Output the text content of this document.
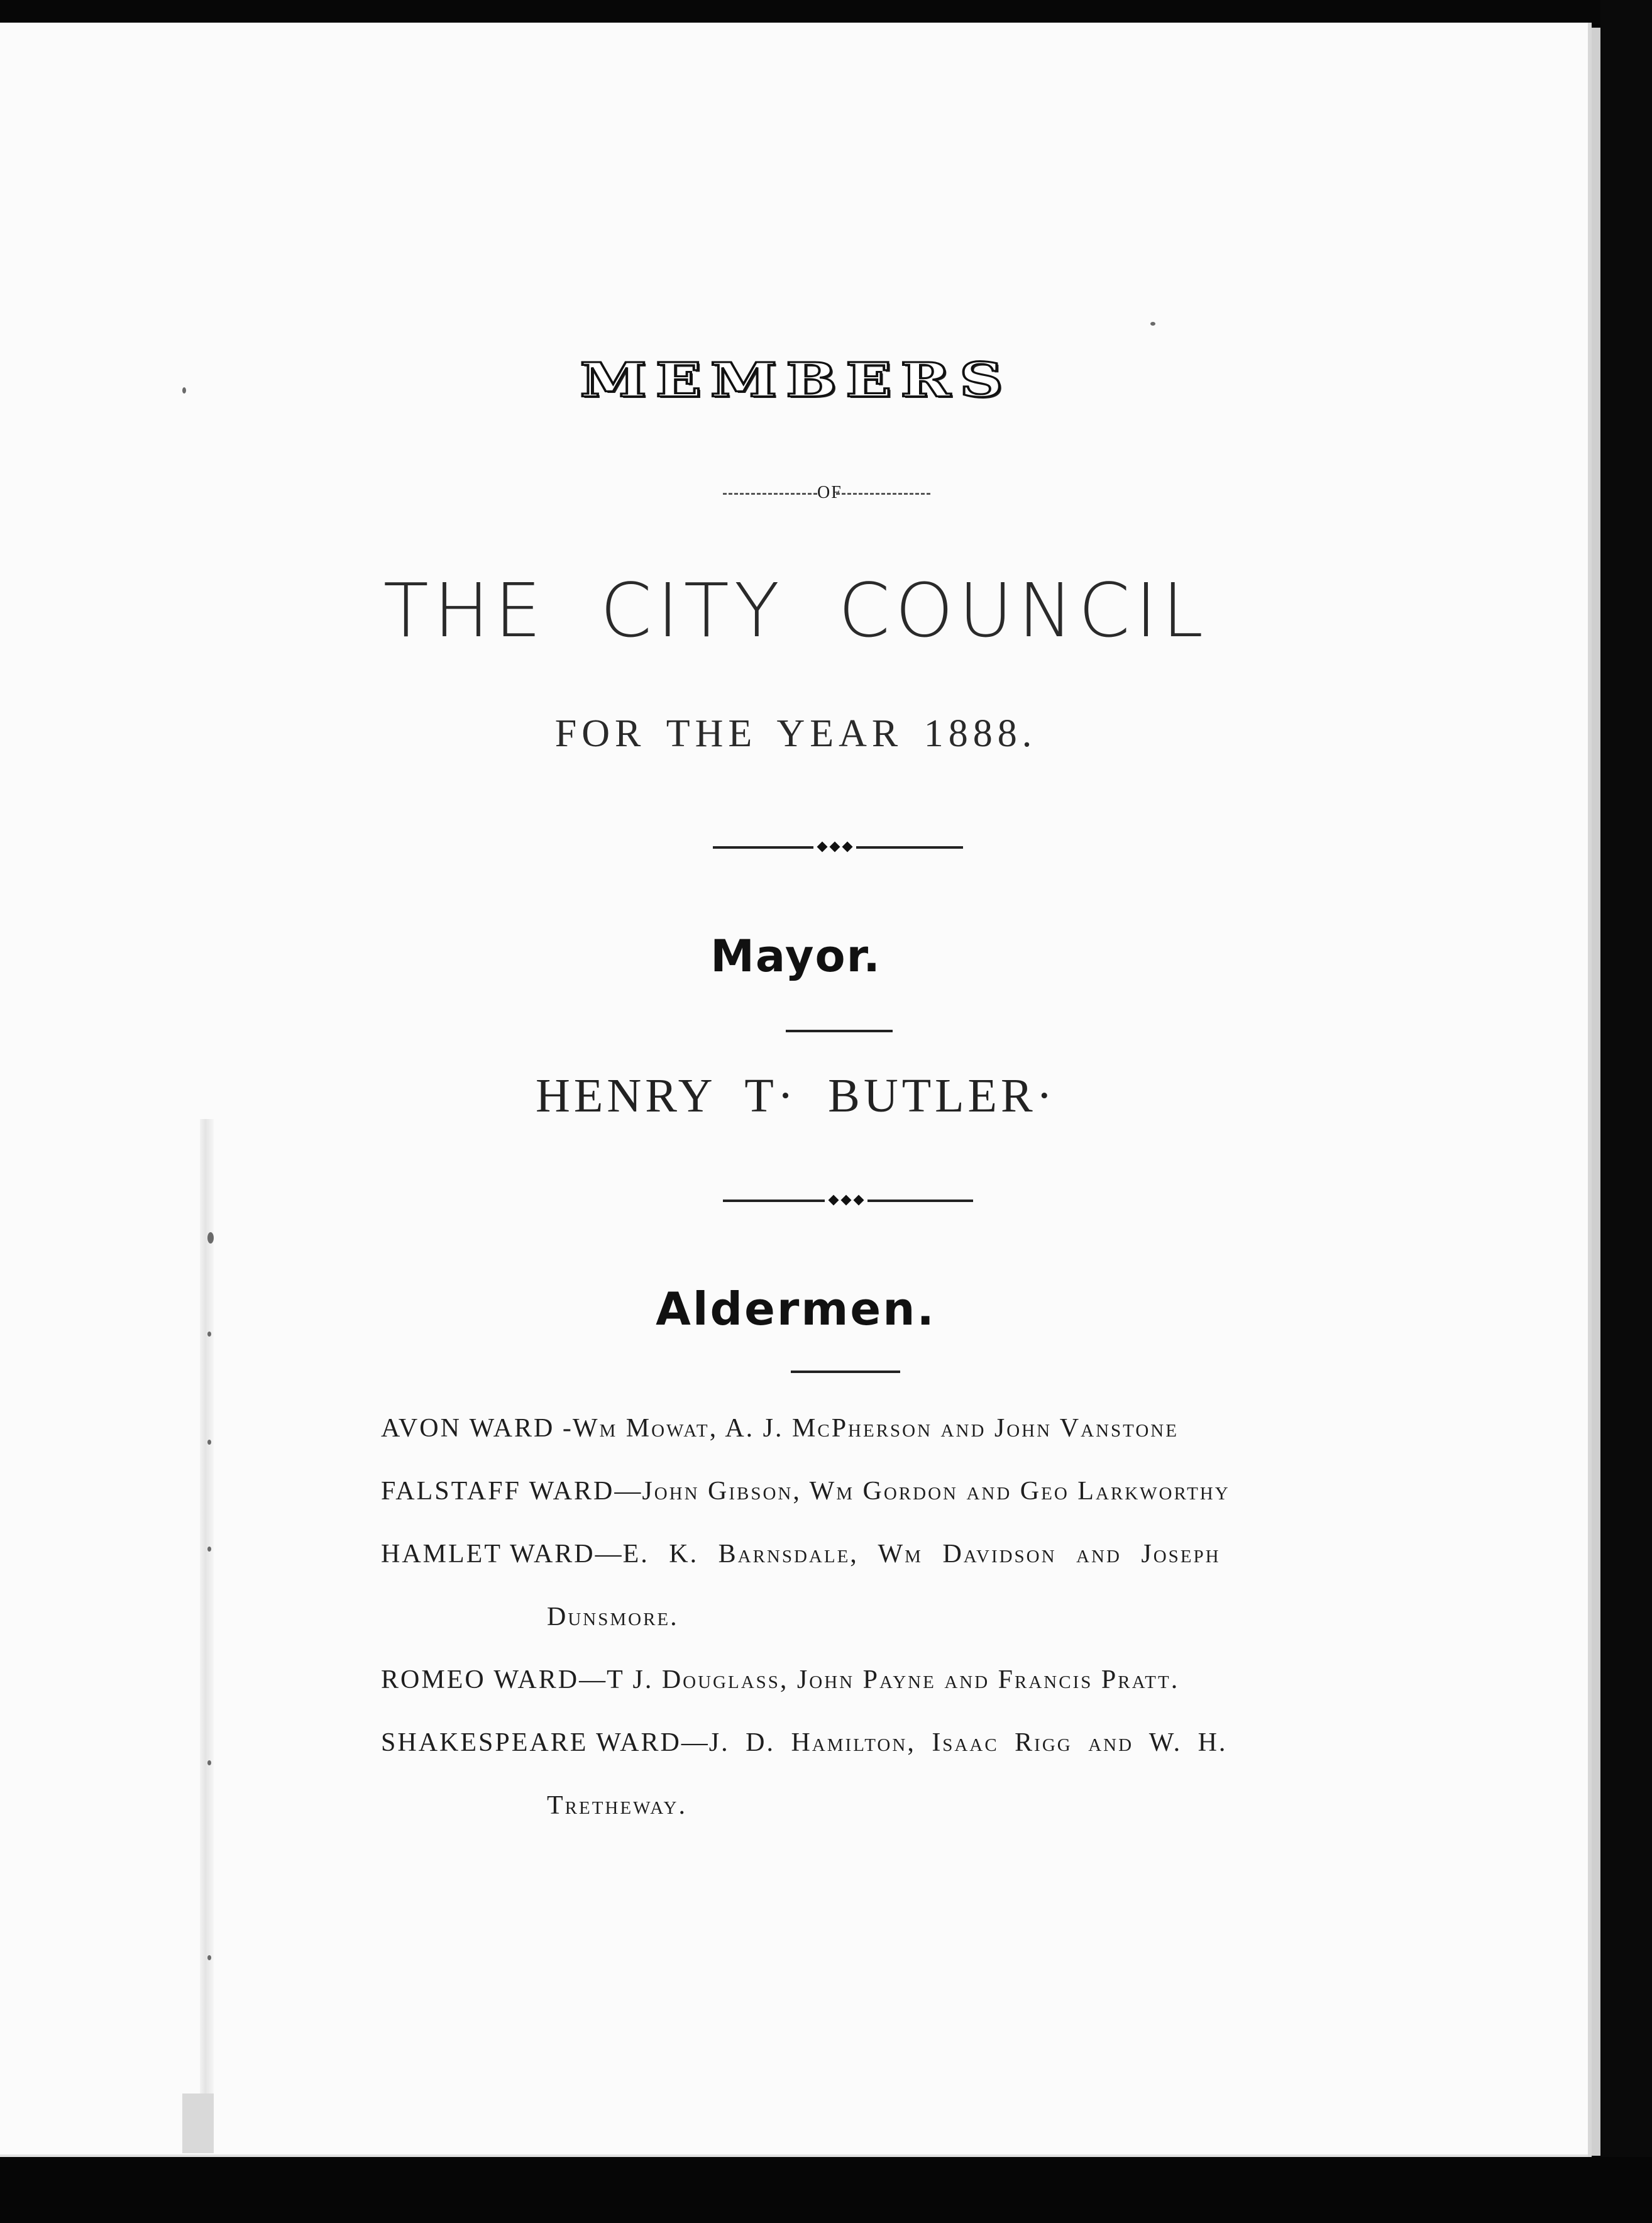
MEMBERS
OF
THE CITY COUNCIL
FOR THE YEAR 1888.
Mayor.
HENRY T· BUTLER·
Aldermen.
AVON WARD -Wm Mowat, A. J. McPherson and John Vanstone
FALSTAFF WARD—John Gibson, Wm Gordon and Geo Larkworthy
HAMLET WARD—E. K. Barnsdale, Wm Davidson and Joseph
Dunsmore.
ROMEO WARD—T J. Douglass, John Payne and Francis Pratt.
SHAKESPEARE WARD—J. D. Hamilton, Isaac Rigg and W. H.
Tretheway.
